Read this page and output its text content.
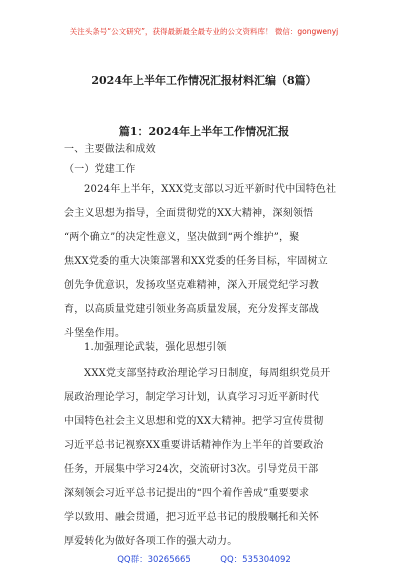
关注头条号“公文研究”，获得最新最全最专业的公文资料库！ 微信：gongwenyj
2024年上半年工作情况汇报材料汇编（8篇）
篇1：2024年上半年工作情况汇报
一、主要做法和成效
（一）党建工作
2024年上半年，XXX党支部以习近平新时代中国特色社
会主义思想为指导，全面贯彻党的XX大精神，深刻领悟
“两个确立”的决定性意义，坚决做到“两个维护”，聚
焦XX党委的重大决策部署和XX党委的任务目标，牢固树立
创先争优意识，发扬攻坚克难精神，深入开展党纪学习教
育，以高质量党建引领业务高质量发展，充分发挥支部战
斗堡垒作用。
1.加强理论武装，强化思想引领
XXX党支部坚持政治理论学习日制度，每周组织党员开
展政治理论学习，制定学习计划，认真学习习近平新时代
中国特色社会主义思想和党的XX大精神。把学习宣传贯彻
习近平总书记视察XX重要讲话精神作为上半年的首要政治
任务，开展集中学习24次，交流研讨3次。引导党员干部
深刻领会习近平总书记提出的“四个着作善成”重要要求
学以致用、融会贯通，把习近平总书记的殷殷嘱托和关怀
厚爱转化为做好各项工作的强大动力。
QQ群：30265665	QQ：535304092
